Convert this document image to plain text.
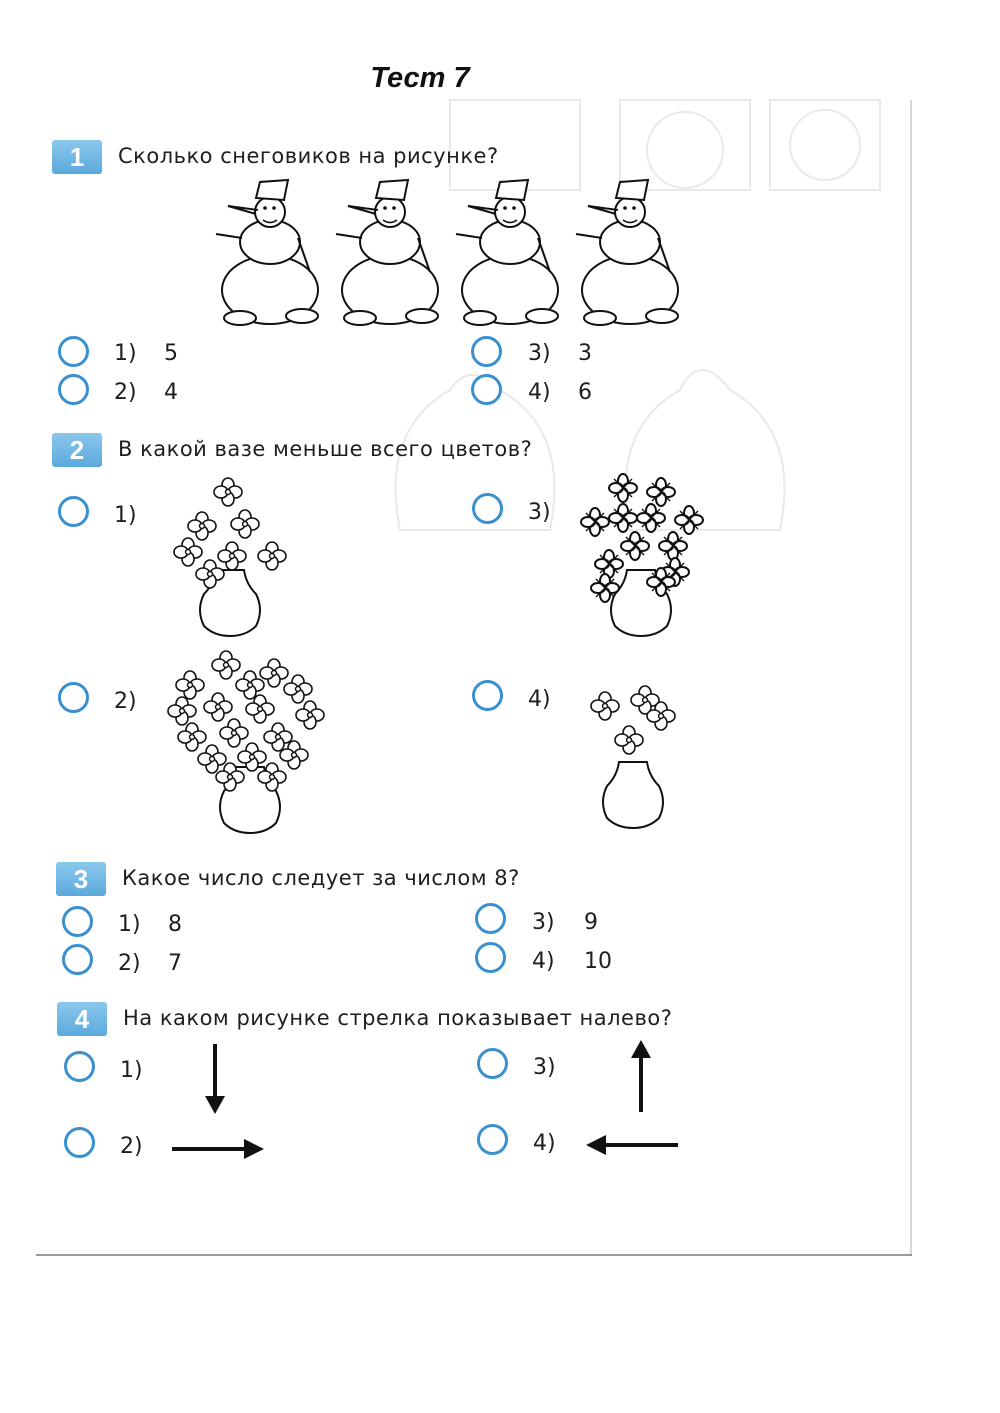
Тест 7
1	Сколько снеговиков на рисунке?
1) 5
2) 4
3) 3
4) 6
2	В какой вазе меньше всего цветов?
1)
2)
3)
4)
3	Какое число следует за числом 8?
1) 8
2) 7
3) 9
4) 10
4	На каком рисунке стрелка показывает налево?
1)
2)
3)
4)
